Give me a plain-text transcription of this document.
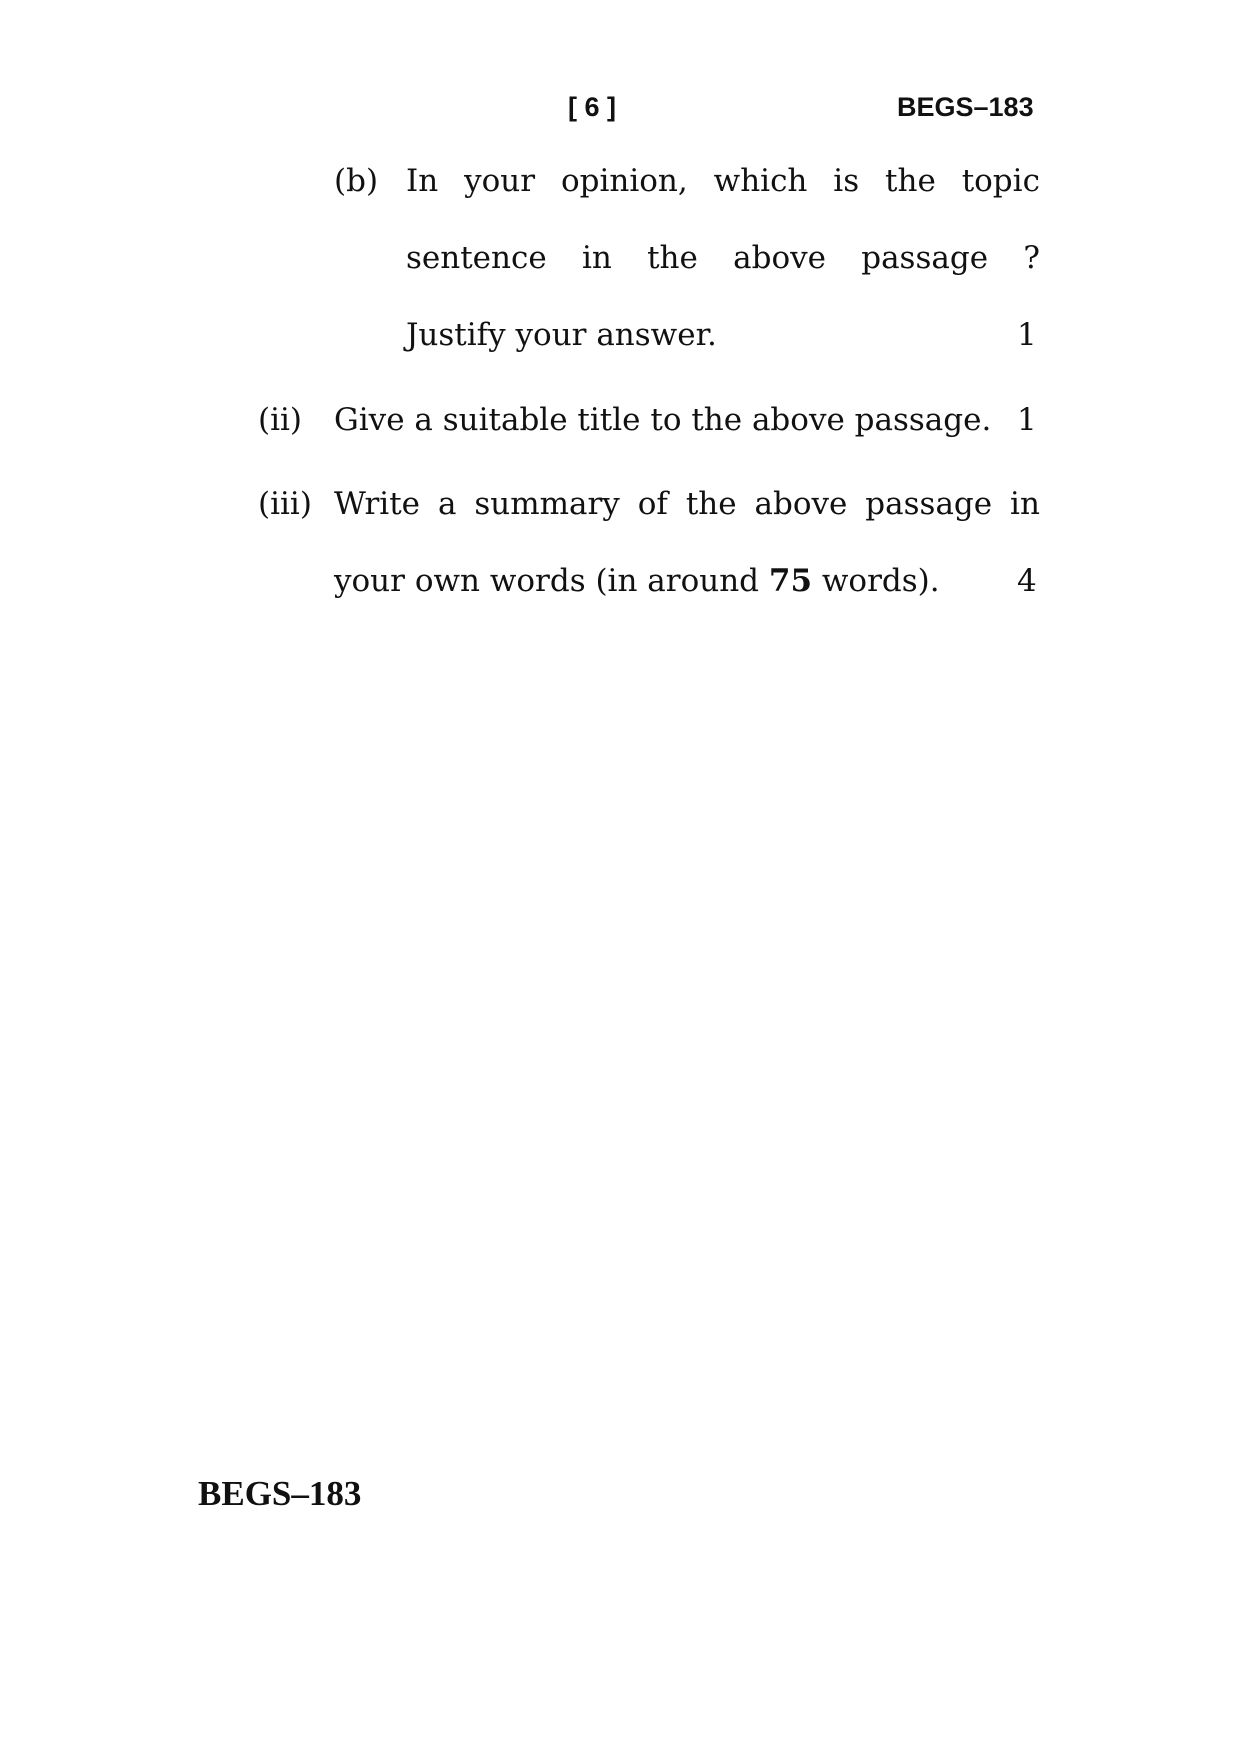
[ 6 ]	BEGS–183
(b) In your opinion, which is the topic
sentence in the above passage ?
Justify your answer.	1
(ii) Give a suitable title to the above passage. 1
(iii) Write a summary of the above passage in
your own words (in around 75 words). 4
BEGS–183
